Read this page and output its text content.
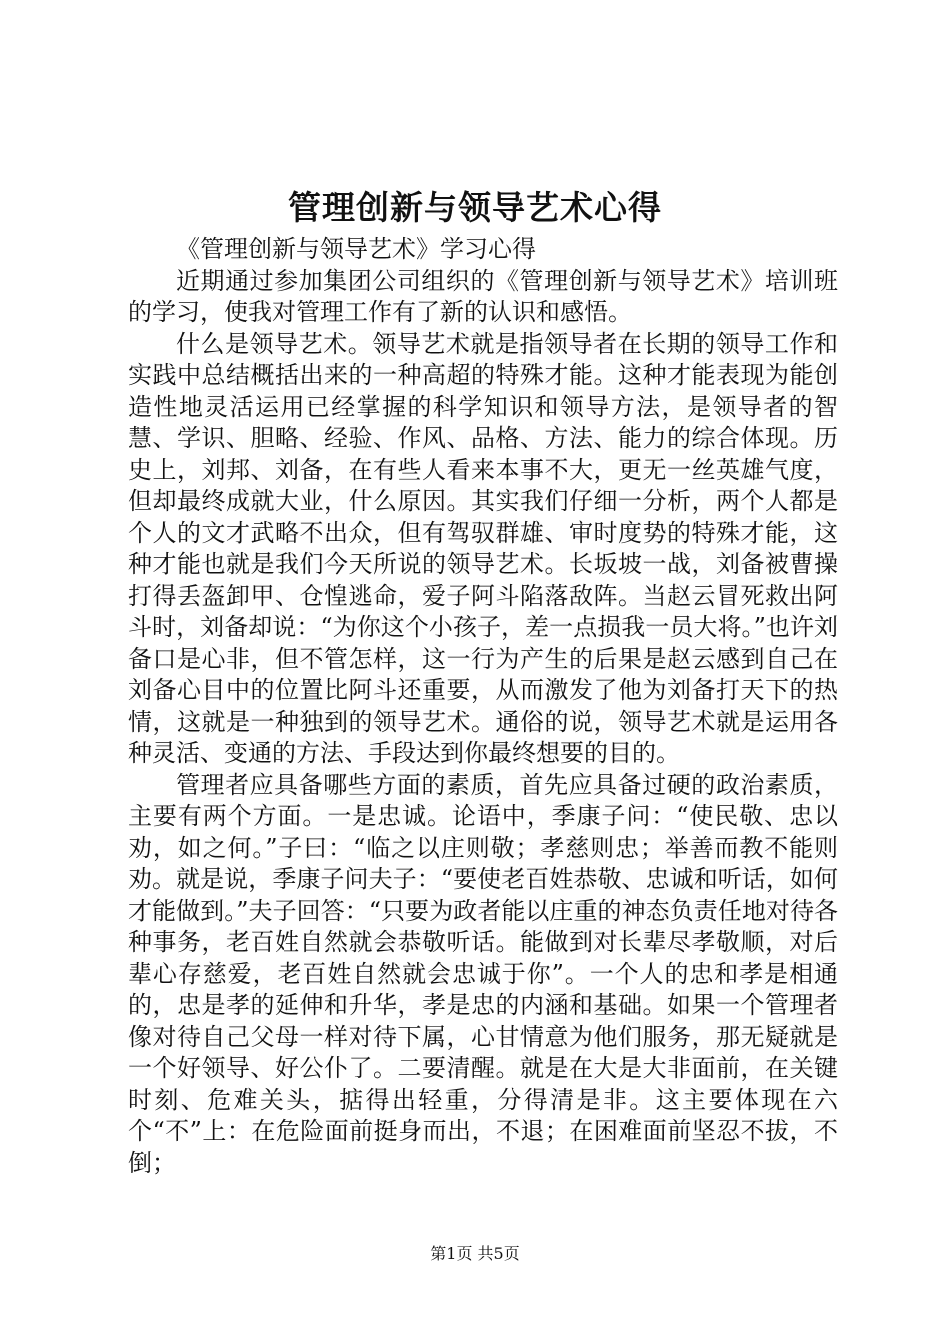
管理创新与领导艺术心得

《管理创新与领导艺术》学习心得

近期通过参加集团公司组织的《管理创新与领导艺术》培训班的学习，使我对管理工作有了新的认识和感悟。

什么是领导艺术。领导艺术就是指领导者在长期的领导工作和实践中总结概括出来的一种高超的特殊才能。这种才能表现为能创造性地灵活运用已经掌握的科学知识和领导方法，是领导者的智慧、学识、胆略、经验、作风、品格、方法、能力的综合体现。历史上，刘邦、刘备，在有些人看来本事不大，更无一丝英雄气度，但却最终成就大业，什么原因。其实我们仔细一分析，两个人都是个人的文才武略不出众，但有驾驭群雄、审时度势的特殊才能，这种才能也就是我们今天所说的领导艺术。长坂坡一战，刘备被曹操打得丢盔卸甲、仓惶逃命，爱子阿斗陷落敌阵。当赵云冒死救出阿斗时，刘备却说：“为你这个小孩子，差一点损我一员大将。”也许刘备口是心非，但不管怎样，这一行为产生的后果是赵云感到自己在刘备心目中的位置比阿斗还重要，从而激发了他为刘备打天下的热情，这就是一种独到的领导艺术。通俗的说，领导艺术就是运用各种灵活、变通的方法、手段达到你最终想要的目的。

管理者应具备哪些方面的素质，首先应具备过硬的政治素质，主要有两个方面。一是忠诚。论语中，季康子问：“使民敬、忠以劝，如之何。”子曰：“临之以庄则敬；孝慈则忠；举善而教不能则劝。就是说，季康子问夫子：“要使老百姓恭敬、忠诚和听话，如何才能做到。”夫子回答：“只要为政者能以庄重的神态负责任地对待各种事务，老百姓自然就会恭敬听话。能做到对长辈尽孝敬顺，对后辈心存慈爱，老百姓自然就会忠诚于你”。一个人的忠和孝是相通的，忠是孝的延伸和升华，孝是忠的内涵和基础。如果一个管理者像对待自己父母一样对待下属，心甘情意为他们服务，那无疑就是一个好领导、好公仆了。二要清醒。就是在大是大非面前，在关键时刻、危难关头，掂得出轻重，分得清是非。这主要体现在六个“不”上：在危险面前挺身而出，不退；在困难面前坚忍不拔，不倒；

第1页 共5页
